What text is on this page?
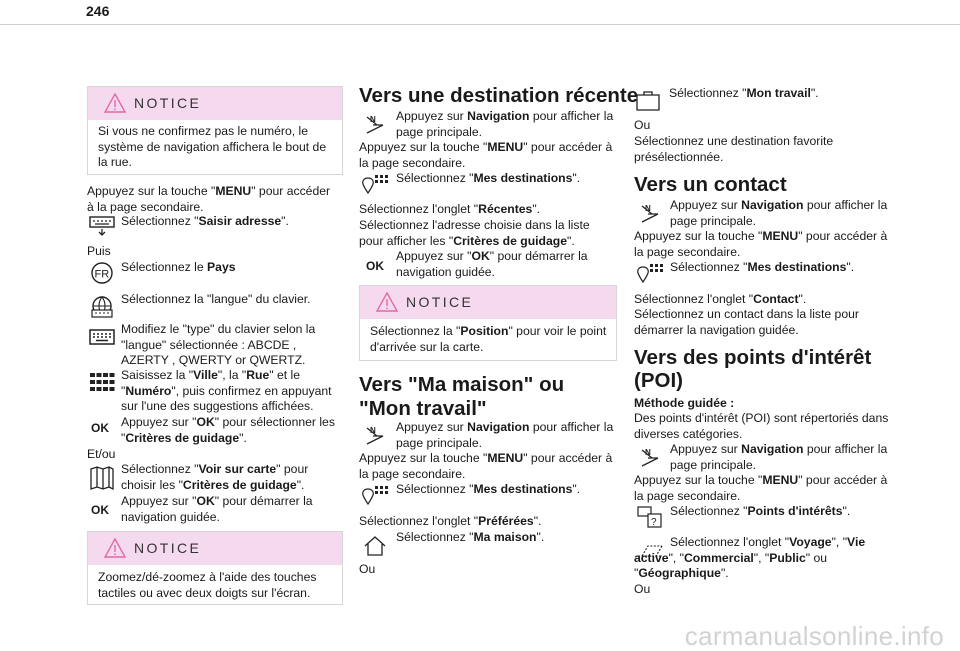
246
NOTICE
Si vous ne confirmez pas le numéro, le système de navigation affichera le bout de la rue.
Appuyez sur la touche "MENU" pour accéder à la page secondaire.
Sélectionnez "Saisir adresse".
Puis
FR
Sélectionnez le Pays
Sélectionnez la "langue" du clavier.
Modifiez le "type" du clavier selon la "langue" sélectionnée : ABCDE , AZERTY , QWERTY or QWERTZ.
Saisissez la "Ville", la "Rue" et le "Numéro", puis confirmez en appuyant sur l'une des suggestions affichées.
OK Appuyez sur "OK" pour sélectionner les "Critères de guidage".
Et/ou
Sélectionnez "Voir sur carte" pour choisir les "Critères de guidage".
OK
Appuyez sur "OK" pour démarrer la navigation guidée.
NOTICE
Zoomez/dé-zoomez à l'aide des touches tactiles ou avec deux doigts sur l'écran.
Vers une destination récente
N Appuyez sur Navigation pour afficher la page principale.
Appuyez sur la touche "MENU" pour accéder à la page secondaire.
Sélectionnez "Mes destinations".
Sélectionnez l'onglet "Récentes".
Sélectionnez l'adresse choisie dans la liste pour afficher les "Critères de guidage".
OK
Appuyez sur "OK" pour démarrer la navigation guidée.
NOTICE
Sélectionnez la "Position" pour voir le point d'arrivée sur la carte.
Vers "Ma maison" ou "Mon travail"
N Appuyez sur Navigation pour afficher la page principale.
Appuyez sur la touche "MENU" pour accéder à la page secondaire.
Sélectionnez "Mes destinations".
Sélectionnez l'onglet "Préférées".
Sélectionnez "Ma maison".
Ou
Sélectionnez "Mon travail".
Ou
Sélectionnez une destination favorite présélectionnée.
Vers un contact
N Appuyez sur Navigation pour afficher la page principale.
Appuyez sur la touche "MENU" pour accéder à la page secondaire.
Sélectionnez "Mes destinations".
Sélectionnez l'onglet "Contact".
Sélectionnez un contact dans la liste pour démarrer la navigation guidée.
Vers des points d'intérêt
(POI)
Méthode guidée :
Des points d'intérêt (POI) sont répertoriés dans diverses catégories.
N Appuyez sur Navigation pour afficher la page principale.
Appuyez sur la touche "MENU" pour accéder à la page secondaire.
?
Sélectionnez "Points d'intérêts".
Sélectionnez l'onglet "Voyage", "Vie active", "Commercial", "Public" ou "Géographique".
Ou
carmanualsonline.info
